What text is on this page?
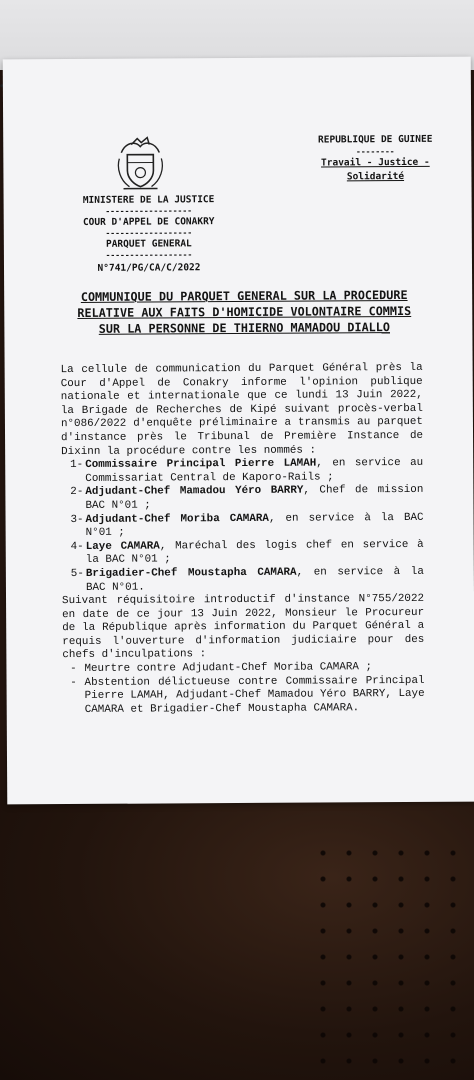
MINISTERE DE LA JUSTICE
------------------
COUR D'APPEL DE CONAKRY
------------------
PARQUET GENERAL
------------------
N°741/PG/CA/C/2022
REPUBLIQUE DE GUINEE
--------
Travail - Justice - Solidarité
COMMUNIQUE DU PARQUET GENERAL SUR LA PROCEDURE RELATIVE AUX FAITS D'HOMICIDE VOLONTAIRE COMMIS SUR LA PERSONNE DE THIERNO MAMADOU DIALLO

La cellule de communication du Parquet Général près la Cour d'Appel de Conakry informe l'opinion publique nationale et internationale que ce lundi 13 Juin 2022, la Brigade de Recherches de Kipé suivant procès-verbal n°086/2022 d'enquête préliminaire a transmis au parquet d'instance près le Tribunal de Première Instance de Dixinn la procédure contre les nommés :

1- Commissaire Principal Pierre LAMAH, en service au Commissariat Central de Kaporo-Rails ;
2- Adjudant-Chef Mamadou Yéro BARRY, Chef de mission BAC N°01 ;
3- Adjudant-Chef Moriba CAMARA, en service à la BAC N°01 ;
4- Laye CAMARA, Maréchal des logis chef en service à la BAC N°01 ;
5- Brigadier-Chef Moustapha CAMARA, en service à la BAC N°01.

Suivant réquisitoire introductif d'instance N°755/2022 en date de ce jour 13 Juin 2022, Monsieur le Procureur de la République après information du Parquet Général a requis l'ouverture d'information judiciaire pour des chefs d'inculpations :

- Meurtre contre Adjudant-Chef Moriba CAMARA ;
- Abstention délictueuse contre Commissaire Principal Pierre LAMAH, Adjudant-Chef Mamadou Yéro BARRY, Laye CAMARA et Brigadier-Chef Moustapha CAMARA.
